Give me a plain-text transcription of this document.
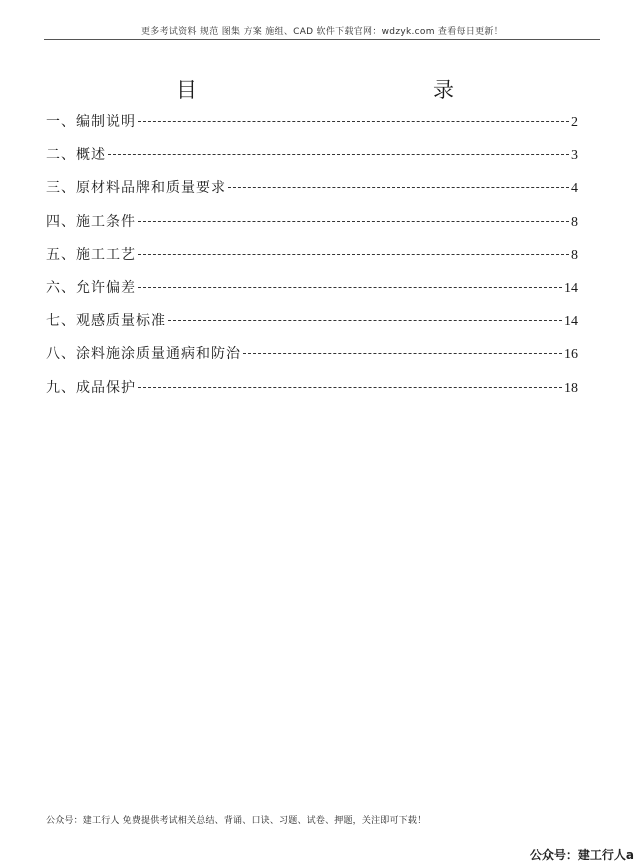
更多考试资料 规范 图集 方案 施组、CAD 软件下载官网：wdzyk.com 查看每日更新！
目	录
一、编制说明	2
二、概述	3
三、原材料品牌和质量要求	4
四、施工条件	8
五、施工工艺	8
六、允许偏差	14
七、观感质量标准	14
八、涂料施涂质量通病和防治	16
九、成品保护	18
公众号：建工行人 免费提供考试相关总结、背诵、口诀、习题、试卷、押题，关注即可下载！
公众号：建工行人a
